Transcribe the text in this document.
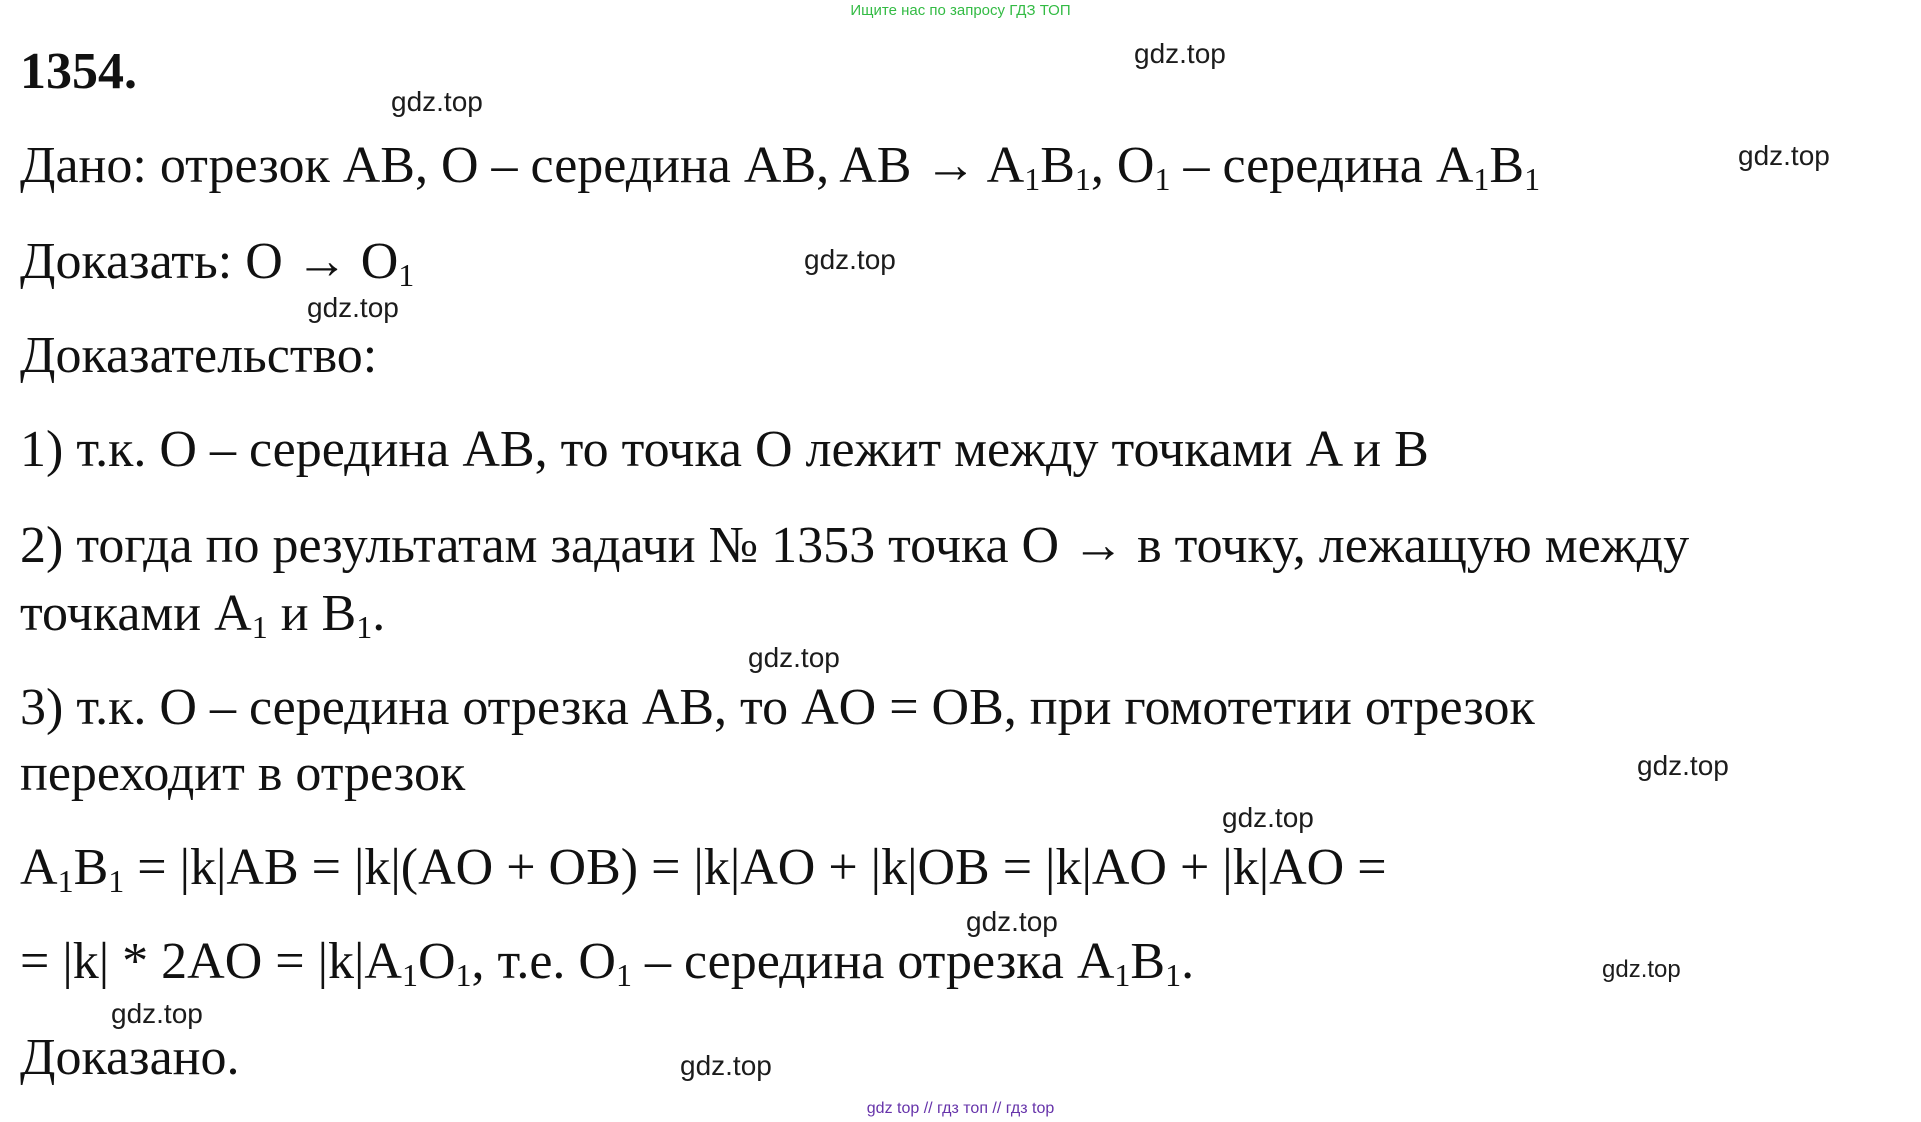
Ищите нас по запросу ГДЗ ТОП
1354.
Дано: отрезок AB, O – середина AB, AB → $A_1B_1$, $O_1$ – середина $A_1B_1$
Доказать: $O \to O_1$
Доказательство:
1) т.к. O – середина AB, то точка O лежит между точками A и B
2) тогда по результатам задачи № 1353 точка O → в точку, лежащую между
точками $A_1$ и $B_1$.
3) т.к. O – середина отрезка AB, то AO = OB, при гомотетии отрезок
переходит в отрезок
$A_1B_1 = |k|AB = |k|(AO + OB) = |k|AO + |k|OB = |k|AO + |k|AO$ =
= $|k| * 2AO = |k|A_1O_1$, т.е. $O_1$ – середина отрезка $A_1B_1$.
Доказано.
gdz.top
gdz.top
gdz.top
gdz.top
gdz.top
gdz.top
gdz.top
gdz.top
gdz.top
gdz.top
gdz.top
gdz.top
gdz top // гдз топ // гдз top
